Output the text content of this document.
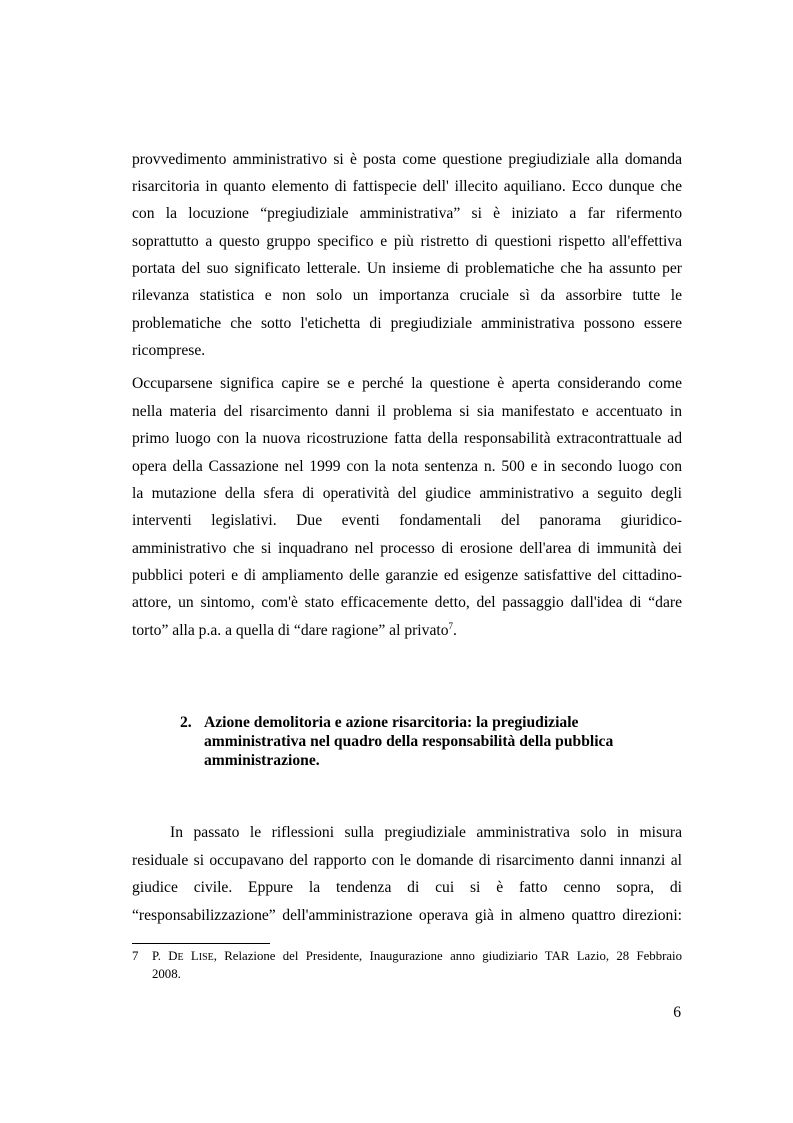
provvedimento amministrativo si è posta come questione pregiudiziale alla domanda
risarcitoria in quanto elemento di fattispecie dell' illecito aquiliano. Ecco dunque che
con la locuzione “pregiudiziale amministrativa” si è iniziato a far rifermento
soprattutto a questo gruppo specifico e più ristretto di questioni rispetto all'effettiva
portata del suo significato letterale. Un insieme di problematiche che ha assunto per
rilevanza statistica e non solo un importanza cruciale sì da assorbire tutte le
problematiche che sotto l'etichetta di pregiudiziale amministrativa possono essere
ricomprese.
Occuparsene significa capire se e perché la questione è aperta considerando come
nella materia del risarcimento danni il problema si sia manifestato e accentuato in
primo luogo con la nuova ricostruzione fatta della responsabilità extracontrattuale ad
opera della Cassazione nel 1999 con la nota sentenza n. 500 e in secondo luogo con
la mutazione della sfera di operatività del giudice amministrativo a seguito degli
interventi legislativi. Due eventi fondamentali del panorama giuridico-
amministrativo che si inquadrano nel processo di erosione dell'area di immunità dei
pubblici poteri e di ampliamento delle garanzie ed esigenze satisfattive del cittadino-
attore, un sintomo, com'è stato efficacemente detto, del passaggio dall'idea di “dare
torto” alla p.a. a quella di “dare ragione” al privato$^7$.
2. Azione demolitoria e azione risarcitoria: la pregiudiziale
amministrativa nel quadro della responsabilità della pubblica
amministrazione.
In passato le riflessioni sulla pregiudiziale amministrativa solo in misura
residuale si occupavano del rapporto con le domande di risarcimento danni innanzi al
giudice civile. Eppure la tendenza di cui si è fatto cenno sopra, di
“responsabilizzazione” dell'amministrazione operava già in almeno quattro direzioni:
7 P. DE LISE, Relazione del Presidente, Inaugurazione anno giudiziario TAR Lazio, 28 Febbraio
2008.
6
